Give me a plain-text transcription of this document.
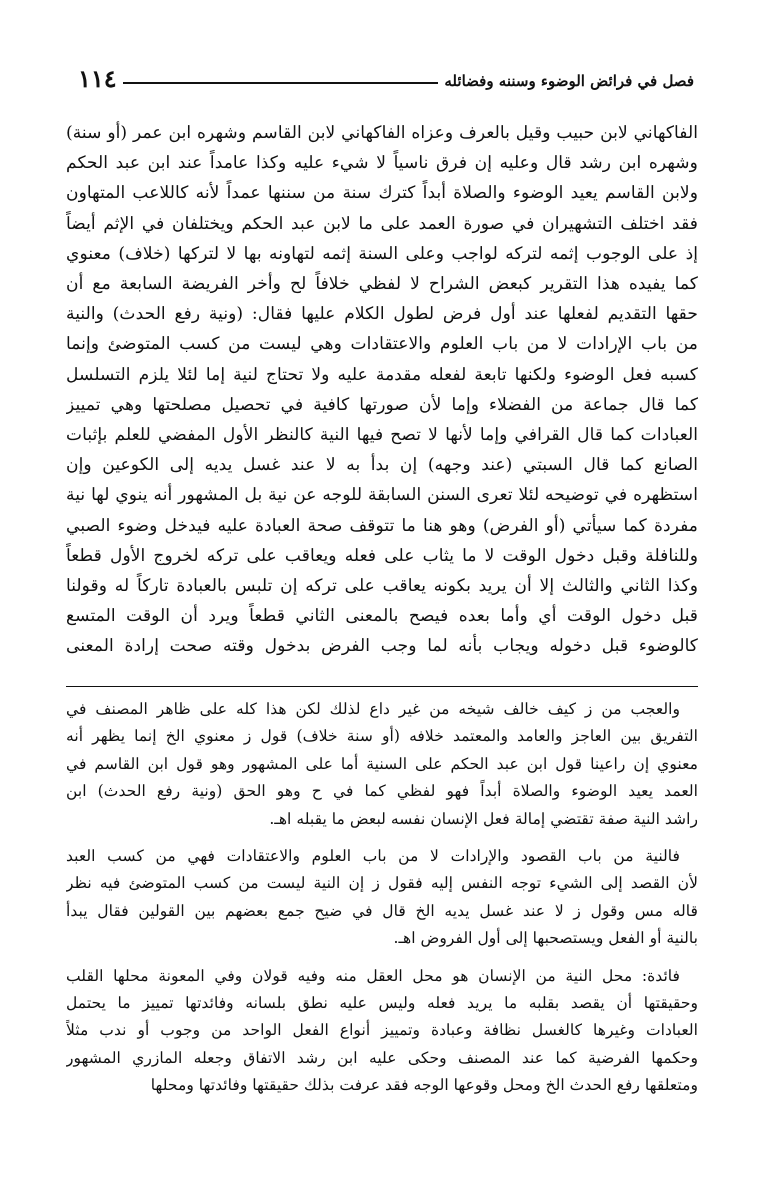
فصل في فرائض الوضوء وسننه وفضائله
١١٤
الفاكهاني لابن حبيب وقيل بالعرف وعزاه الفاكهاني لابن القاسم وشهره ابن عمر (أو سنة)
وشهره ابن رشد قال وعليه إن فرق ناسياً لا شيء عليه وكذا عامداً عند ابن عبد الحكم
ولابن القاسم يعيد الوضوء والصلاة أبداً كترك سنة من سننها عمداً لأنه كاللاعب المتهاون
فقد اختلف التشهيران في صورة العمد على ما لابن عبد الحكم ويختلفان في الإثم أيضاً
إذ على الوجوب إثمه لتركه لواجب وعلى السنة إثمه لتهاونه بها لا لتركها (خلاف) معنوي
كما يفيده هذا التقرير كبعض الشراح لا لفظي خلافاً لح وأخر الفريضة السابعة مع أن
حقها التقديم لفعلها عند أول فرض لطول الكلام عليها فقال: (ونية رفع الحدث) والنية
من باب الإرادات لا من باب العلوم والاعتقادات وهي ليست من كسب المتوضئ وإنما
كسبه فعل الوضوء ولكنها تابعة لفعله مقدمة عليه ولا تحتاج لنية إما لئلا يلزم التسلسل
كما قال جماعة من الفضلاء وإما لأن صورتها كافية في تحصيل مصلحتها وهي تمييز
العبادات كما قال القرافي وإما لأنها لا تصح فيها النية كالنظر الأول المفضي للعلم بإثبات
الصانع كما قال السبتي (عند وجهه) إن بدأ به لا عند غسل يديه إلى الكوعين وإن
استظهره في توضيحه لئلا تعرى السنن السابقة للوجه عن نية بل المشهور أنه ينوي لها نية
مفردة كما سيأتي (أو الفرض) وهو هنا ما تتوقف صحة العبادة عليه فيدخل وضوء الصبي
وللنافلة وقبل دخول الوقت لا ما يثاب على فعله ويعاقب على تركه لخروج الأول قطعاً
وكذا الثاني والثالث إلا أن يريد بكونه يعاقب على تركه إن تلبس بالعبادة تاركاً له وقولنا
قبل دخول الوقت أي وأما بعده فيصح بالمعنى الثاني قطعاً ويرد أن الوقت المتسع
كالوضوء قبل دخوله ويجاب بأنه لما وجب الفرض بدخول وقته صحت إرادة المعنى
والعجب من ز كيف خالف شيخه من غير داع لذلك لكن هذا كله على ظاهر المصنف في
التفريق بين العاجز والعامد والمعتمد خلافه (أو سنة خلاف) قول ز معنوي الخ إنما يظهر أنه
معنوي إن راعينا قول ابن عبد الحكم على السنية أما على المشهور وهو قول ابن القاسم في
العمد يعيد الوضوء والصلاة أبداً فهو لفظي كما في ح وهو الحق (ونية رفع الحدث) ابن
راشد النية صفة تقتضي إمالة فعل الإنسان نفسه لبعض ما يقبله اهـ.
فالنية من باب القصود والإرادات لا من باب العلوم والاعتقادات فهي من كسب العبد
لأن القصد إلى الشيء توجه النفس إليه فقول ز إن النية ليست من كسب المتوضئ فيه نظر
قاله مس وقول ز لا عند غسل يديه الخ قال في ضيح جمع بعضهم بين القولين فقال يبدأ
بالنية أو الفعل ويستصحبها إلى أول الفروض اهـ.
فائدة: محل النية من الإنسان هو محل العقل منه وفيه قولان وفي المعونة محلها القلب
وحقيقتها أن يقصد بقلبه ما يريد فعله وليس عليه نطق بلسانه وفائدتها تمييز ما يحتمل
العبادات وغيرها كالغسل نظافة وعبادة وتمييز أنواع الفعل الواحد من وجوب أو ندب مثلاً
وحكمها الفرضية كما عند المصنف وحكى عليه ابن رشد الاتفاق وجعله المازري المشهور
ومتعلقها رفع الحدث الخ ومحل وقوعها الوجه فقد عرفت بذلك حقيقتها وفائدتها ومحلها
